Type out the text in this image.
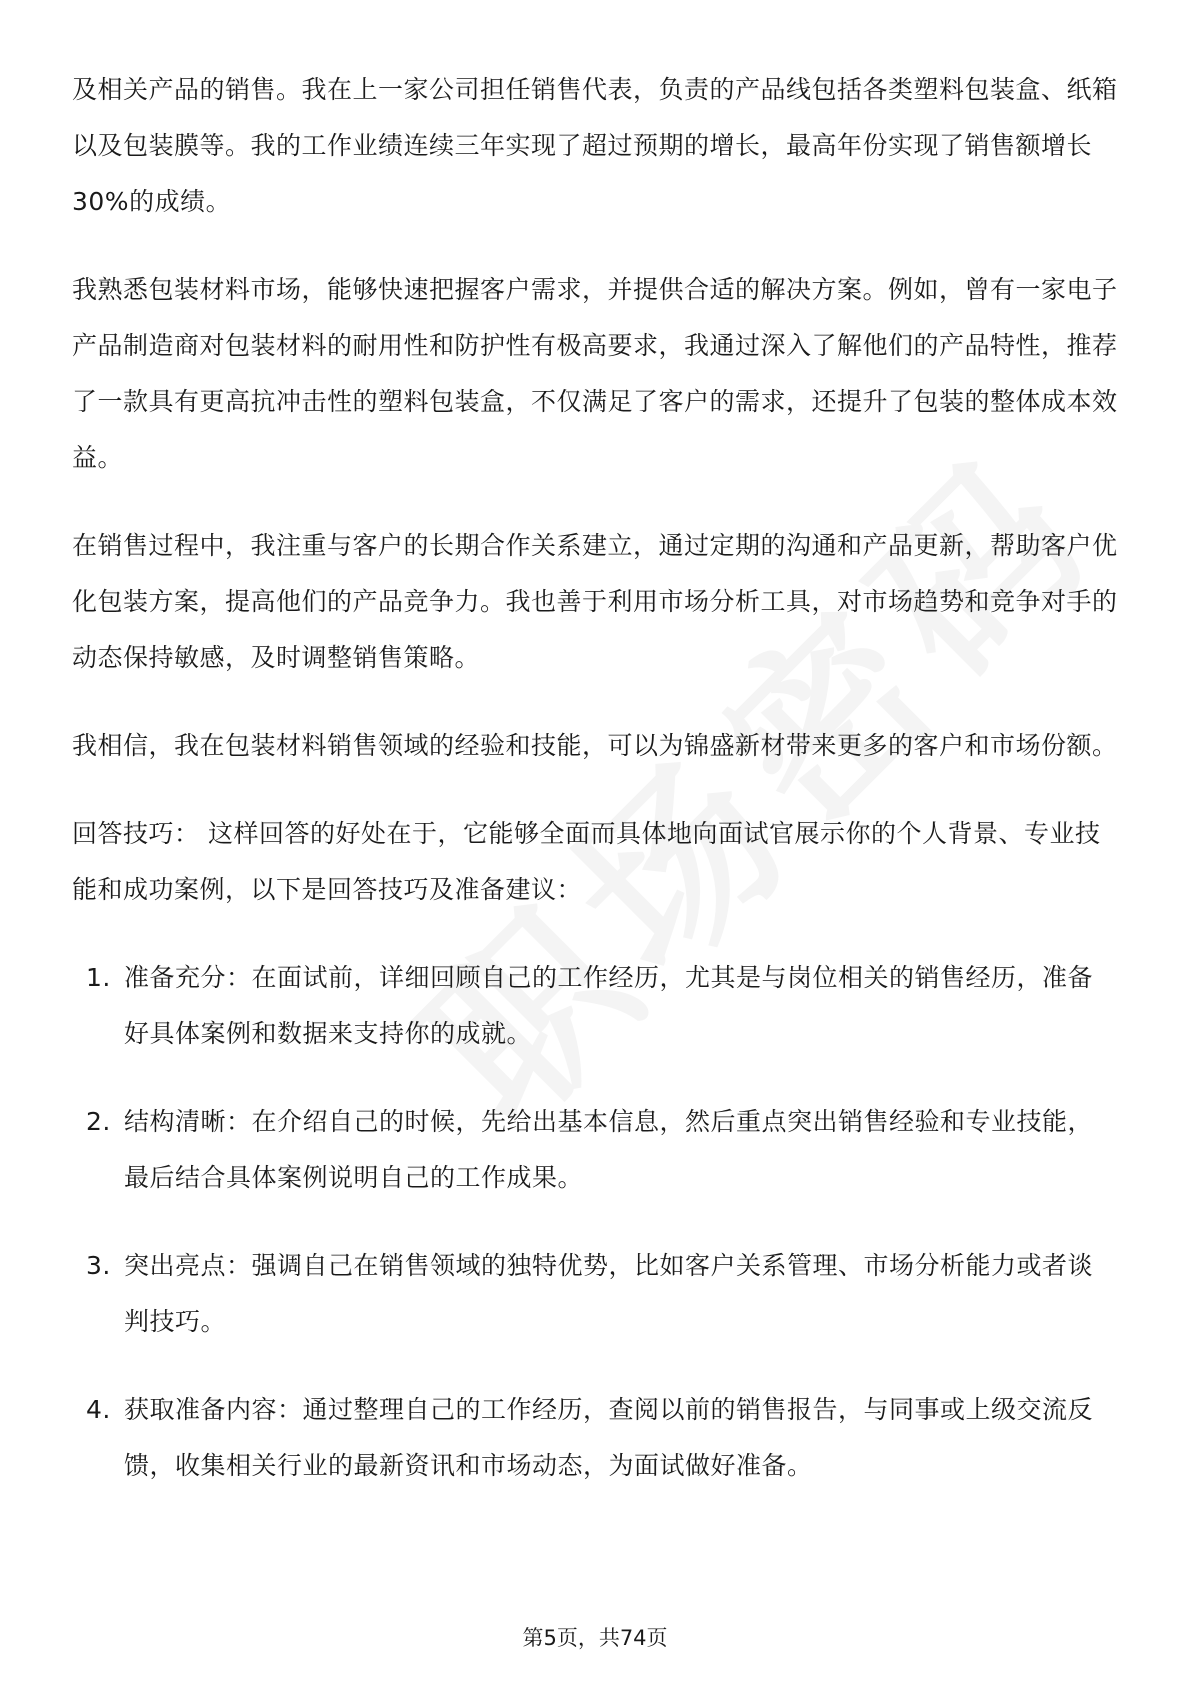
及相关产品的销售。我在上一家公司担任销售代表，负责的产品线包括各类塑料包装盒、纸箱以及包装膜等。我的工作业绩连续三年实现了超过预期的增长，最高年份实现了销售额增长30%的成绩。

我熟悉包装材料市场，能够快速把握客户需求，并提供合适的解决方案。例如，曾有一家电子产品制造商对包装材料的耐用性和防护性有极高要求，我通过深入了解他们的产品特性，推荐了一款具有更高抗冲击性的塑料包装盒，不仅满足了客户的需求，还提升了包装的整体成本效益。

在销售过程中，我注重与客户的长期合作关系建立，通过定期的沟通和产品更新，帮助客户优化包装方案，提高他们的产品竞争力。我也善于利用市场分析工具，对市场趋势和竞争对手的动态保持敏感，及时调整销售策略。

我相信，我在包装材料销售领域的经验和技能，可以为锦盛新材带来更多的客户和市场份额。

回答技巧： 这样回答的好处在于，它能够全面而具体地向面试官展示你的个人背景、专业技能和成功案例，以下是回答技巧及准备建议：

1. 准备充分：在面试前，详细回顾自己的工作经历，尤其是与岗位相关的销售经历，准备好具体案例和数据来支持你的成就。
2. 结构清晰：在介绍自己的时候，先给出基本信息，然后重点突出销售经验和专业技能，最后结合具体案例说明自己的工作成果。
3. 突出亮点：强调自己在销售领域的独特优势，比如客户关系管理、市场分析能力或者谈判技巧。
4. 获取准备内容：通过整理自己的工作经历，查阅以前的销售报告，与同事或上级交流反馈，收集相关行业的最新资讯和市场动态，为面试做好准备。
第5页，共74页
